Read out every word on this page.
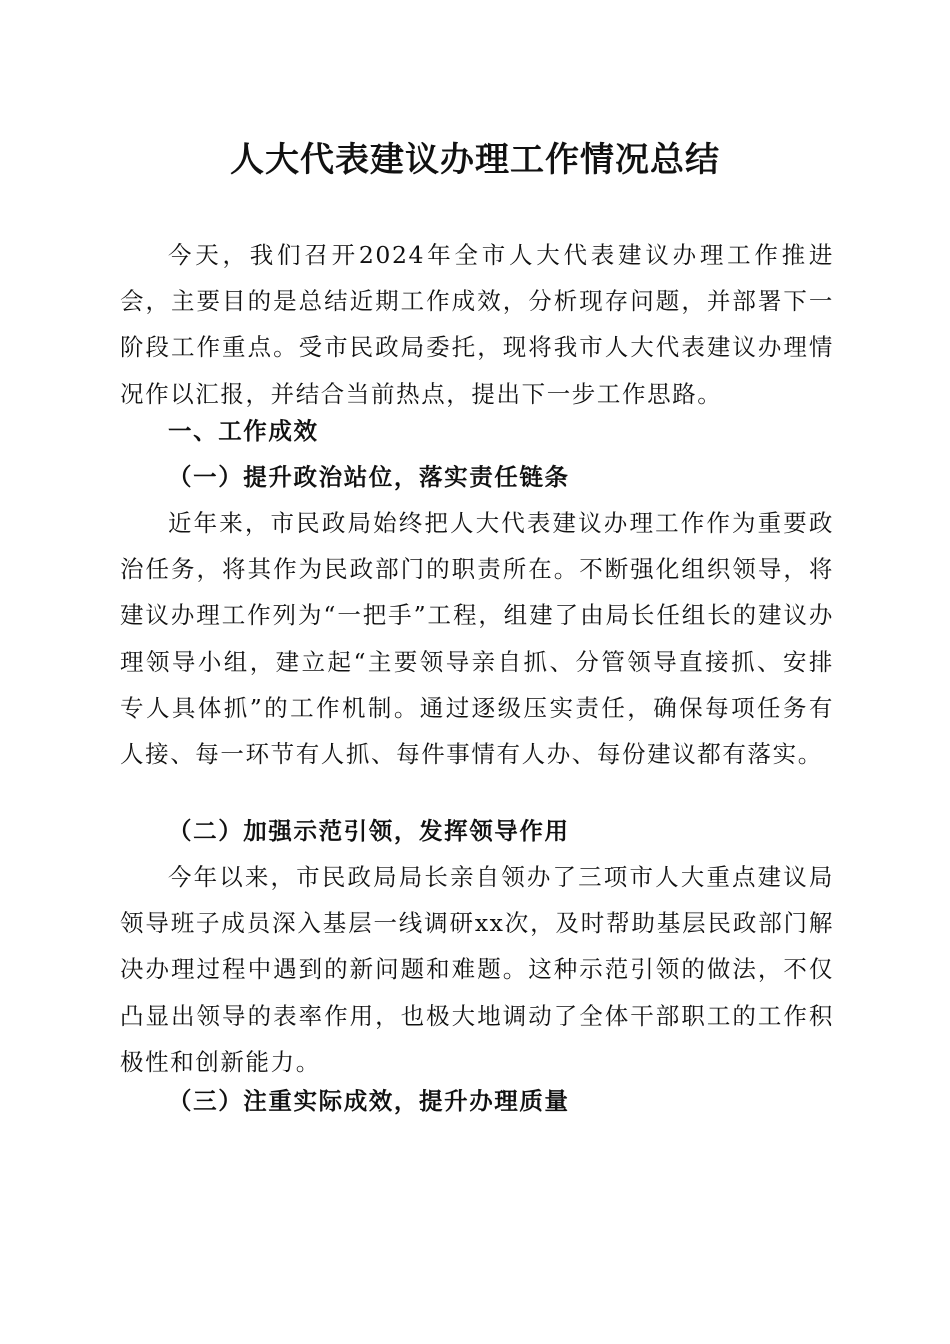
人大代表建议办理工作情况总结

今天，我们召开2024年全市人大代表建议办理工作推进会，主要目的是总结近期工作成效，分析现存问题，并部署下一阶段工作重点。受市民政局委托，现将我市人大代表建议办理情况作以汇报，并结合当前热点，提出下一步工作思路。

一、工作成效
（一）提升政治站位，落实责任链条

近年来，市民政局始终把人大代表建议办理工作作为重要政治任务，将其作为民政部门的职责所在。不断强化组织领导，将建议办理工作列为“一把手”工程，组建了由局长任组长的建议办理领导小组，建立起“主要领导亲自抓、分管领导直接抓、安排专人具体抓”的工作机制。通过逐级压实责任，确保每项任务有人接、每一环节有人抓、每件事情有人办、每份建议都有落实。

（二）加强示范引领，发挥领导作用

今年以来，市民政局局长亲自领办了三项市人大重点建议局领导班子成员深入基层一线调研xx次，及时帮助基层民政部门解决办理过程中遇到的新问题和难题。这种示范引领的做法，不仅凸显出领导的表率作用，也极大地调动了全体干部职工的工作积极性和创新能力。

（三）注重实际成效，提升办理质量
